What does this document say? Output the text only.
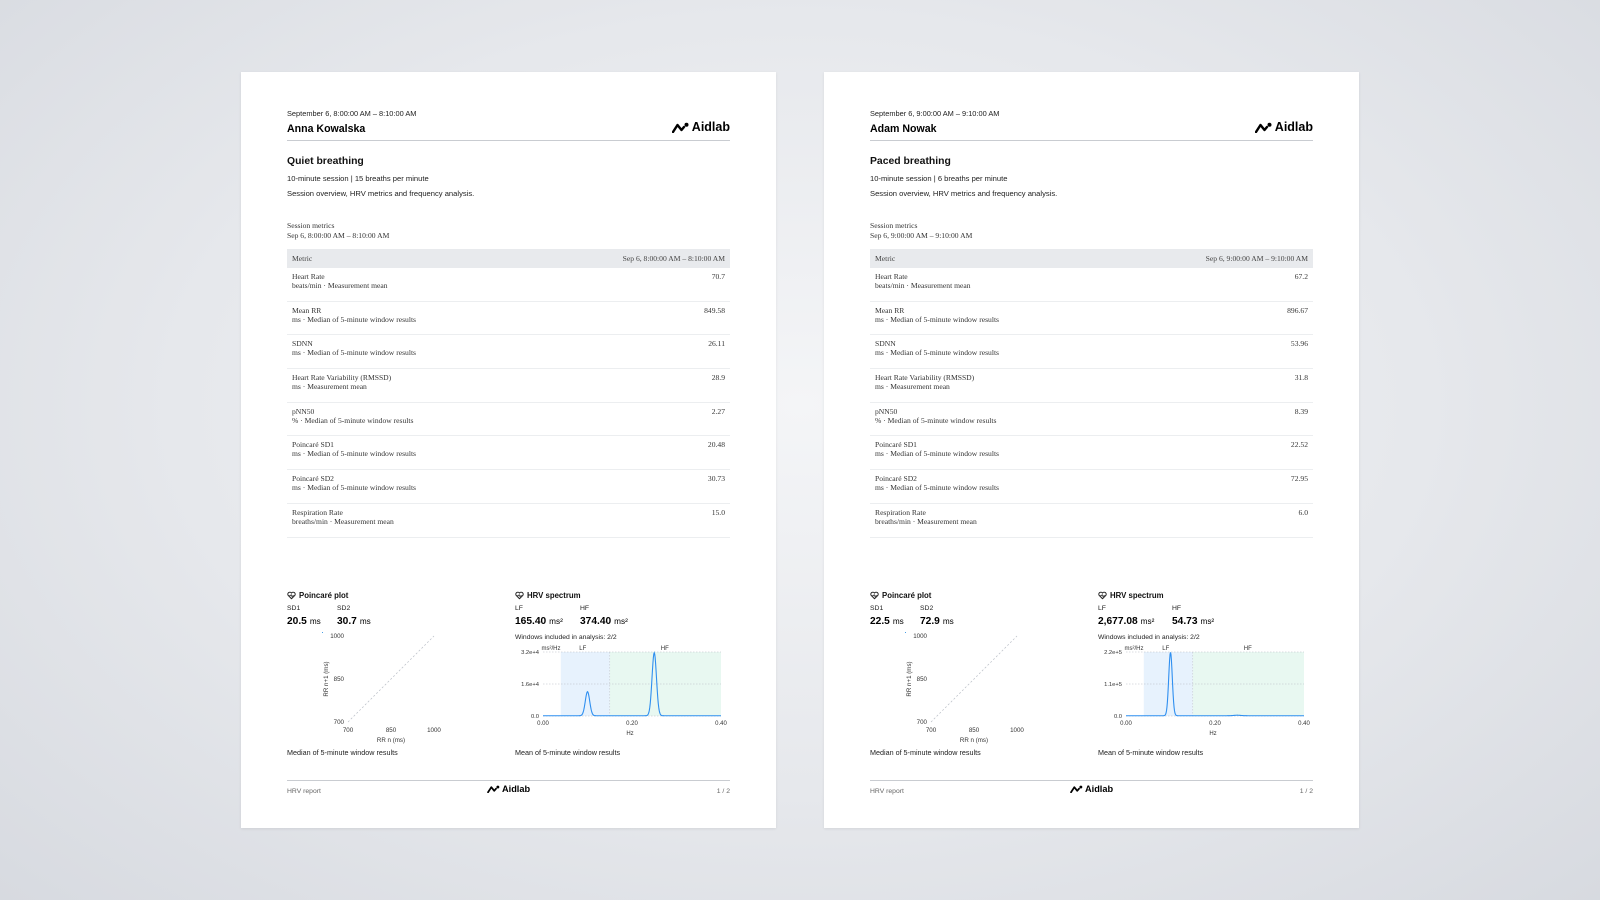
September 6, 8:00:00 AM – 8:10:00 AM
Anna Kowalska	Aidlab
Quiet breathing
10-minute session | 15 breaths per minute
Session overview, HRV metrics and frequency analysis.
Session metrics
Sep 6, 8:00:00 AM – 8:10:00 AM
Metric	Sep 6, 8:00:00 AM – 8:10:00 AM

Heart Rate
beats/min · Measurement mean	70.7

Mean RR
ms · Median of 5-minute window results	849.58

SDNN
ms · Median of 5-minute window results	26.11

Heart Rate Variability (RMSSD)
ms · Measurement mean	28.9

pNN50
% · Median of 5-minute window results	2.27

Poincaré SD1
ms · Median of 5-minute window results	20.48

Poincaré SD2
ms · Median of 5-minute window results	30.73

Respiration Rate
breaths/min · Measurement mean	15.0
Poincaré plot
SD1
20.5 ms
SD2
30.7 ms
700	850	1000
700
850
1000
RR n (ms)
RR n+1 (ms)
Median of 5-minute window results
HRV spectrum
LF
165.40 ms²
HF
374.40 ms²
Windows included in analysis: 2/2
LF	HF
ms²/Hz
0.0
1.6e+4
3.2e+4
0.00	0.20	0.40
Hz
Mean of 5-minute window results
HRV report	Aidlab	1 / 2
September 6, 9:00:00 AM – 9:10:00 AM
Adam Nowak	Aidlab
Paced breathing
10-minute session | 6 breaths per minute
Session overview, HRV metrics and frequency analysis.
Session metrics
Sep 6, 9:00:00 AM – 9:10:00 AM
Metric	Sep 6, 9:00:00 AM – 9:10:00 AM

Heart Rate
beats/min · Measurement mean	67.2

Mean RR
ms · Median of 5-minute window results	896.67

SDNN
ms · Median of 5-minute window results	53.96

Heart Rate Variability (RMSSD)
ms · Measurement mean	31.8

pNN50
% · Median of 5-minute window results	8.39

Poincaré SD1
ms · Median of 5-minute window results	22.52

Poincaré SD2
ms · Median of 5-minute window results	72.95

Respiration Rate
breaths/min · Measurement mean	6.0
Poincaré plot
SD1
22.5 ms
SD2
72.9 ms
700	850	1000
700
850
1000
RR n (ms)
RR n+1 (ms)
Median of 5-minute window results
HRV spectrum
LF
2,677.08 ms²
HF
54.73 ms²
Windows included in analysis: 2/2
LF	HF
ms²/Hz
0.0
1.1e+5
2.2e+5
0.00	0.20	0.40
Hz
Mean of 5-minute window results
HRV report	Aidlab	1 / 2
